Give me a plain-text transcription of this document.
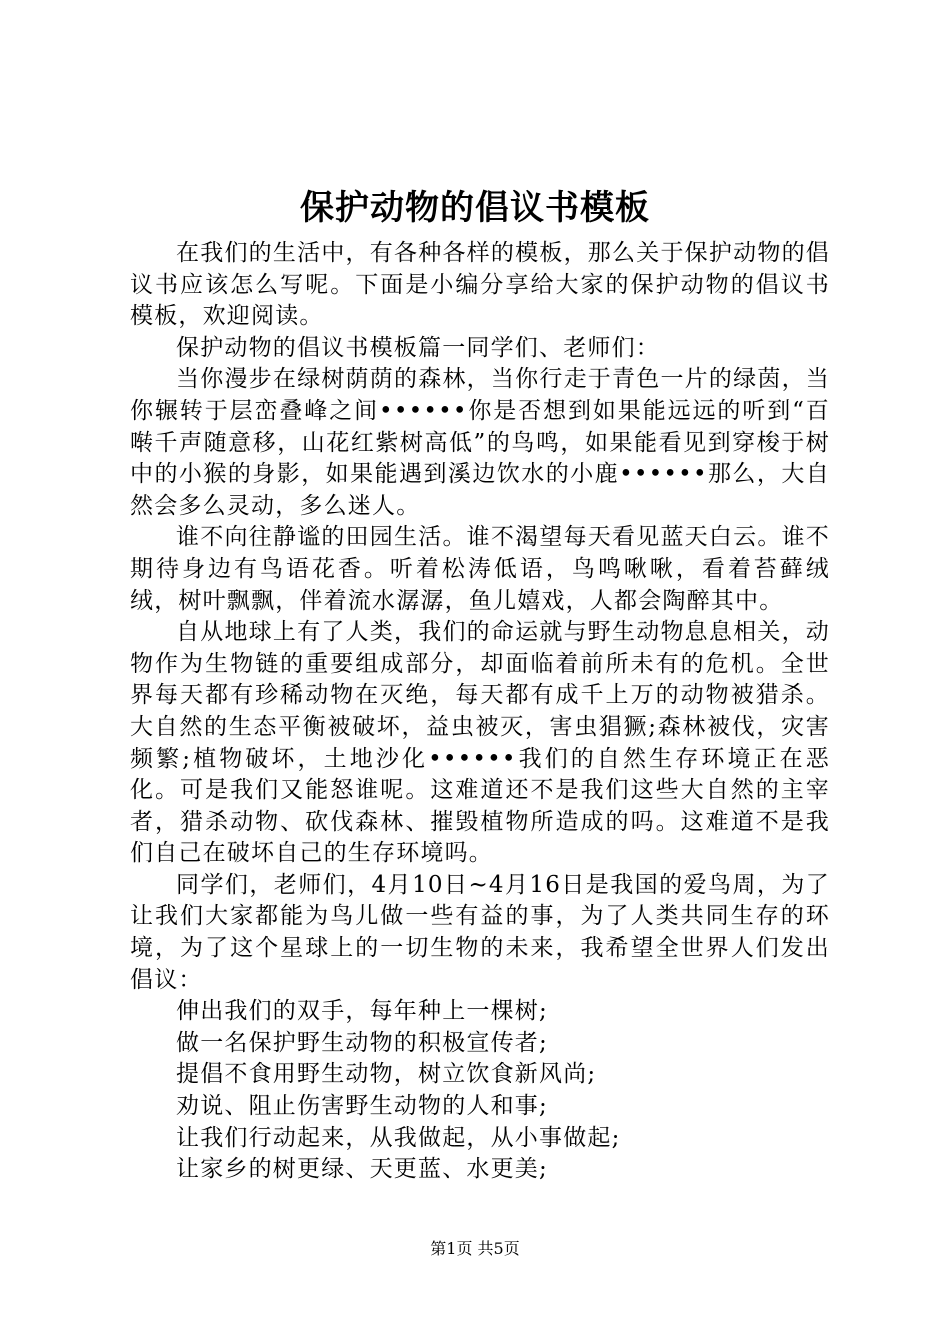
保护动物的倡议书模板

在我们的生活中，有各种各样的模板，那么关于保护动物的倡议书应该怎么写呢。下面是小编分享给大家的保护动物的倡议书模板，欢迎阅读。

保护动物的倡议书模板篇一同学们、老师们：

当你漫步在绿树荫荫的森林，当你行走于青色一片的绿茵，当你辗转于层峦叠峰之间••••••你是否想到如果能远远的听到“百啭千声随意移，山花红紫树高低”的鸟鸣，如果能看见到穿梭于树中的小猴的身影，如果能遇到溪边饮水的小鹿••••••那么，大自然会多么灵动，多么迷人。

谁不向往静谧的田园生活。谁不渴望每天看见蓝天白云。谁不期待身边有鸟语花香。听着松涛低语，鸟鸣啾啾，看着苔藓绒绒，树叶飘飘，伴着流水潺潺，鱼儿嬉戏，人都会陶醉其中。

自从地球上有了人类，我们的命运就与野生动物息息相关，动物作为生物链的重要组成部分，却面临着前所未有的危机。全世界每天都有珍稀动物在灭绝，每天都有成千上万的动物被猎杀。大自然的生态平衡被破坏，益虫被灭，害虫猖獗;森林被伐，灾害频繁;植物破坏，土地沙化••••••我们的自然生存环境正在恶化。可是我们又能怒谁呢。这难道还不是我们这些大自然的主宰者，猎杀动物、砍伐森林、摧毁植物所造成的吗。这难道不是我们自己在破坏自己的生存环境吗。

同学们，老师们，4月10日~4月16日是我国的爱鸟周，为了让我们大家都能为鸟儿做一些有益的事，为了人类共同生存的环境，为了这个星球上的一切生物的未来，我希望全世界人们发出倡议：

伸出我们的双手，每年种上一棵树;

做一名保护野生动物的积极宣传者;

提倡不食用野生动物，树立饮食新风尚;

劝说、阻止伤害野生动物的人和事;

让我们行动起来，从我做起，从小事做起;

让家乡的树更绿、天更蓝、水更美;

第1页 共5页
